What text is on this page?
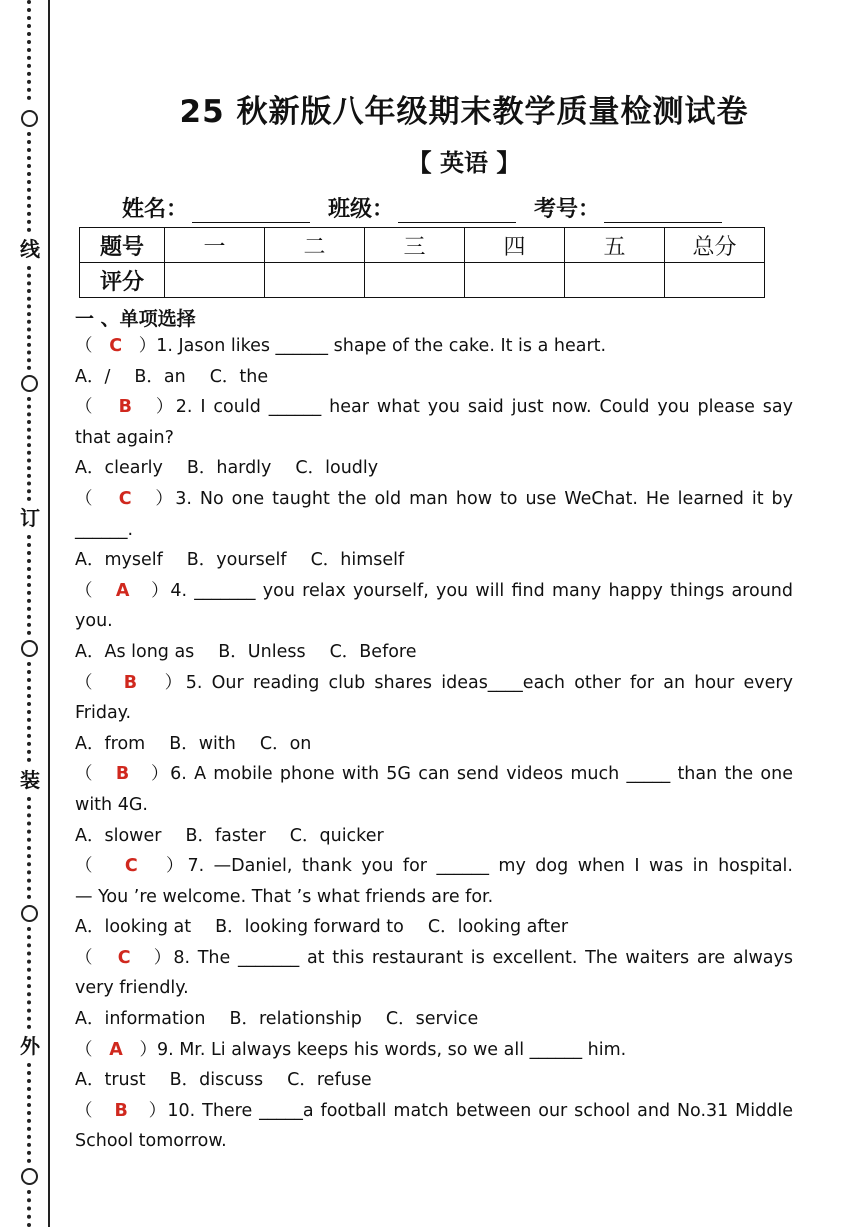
线
订
装
外
25 秋新版八年级期末教学质量检测试卷
【 英语 】
姓名：	班级：	考号：
题号	一	二	三	四	五	总分
评分						
一 、单项选择
（   C   ）1. Jason likes ______ shape of the cake. It is a heart.
A．/ B．an C．the
（   B   ）2. I could ______ hear what you said just now. Could you please say
that again?
A．clearly B．hardly C．loudly
（   C   ）3. No one taught the old man how to use WeChat. He learned it by
______.
A．myself B．yourself C．himself
（   A   ）4. _______ you relax yourself, you will find many happy things around
you.
A．As long as B．Unless C．Before
（   B   ）5. Our reading club shares ideas____each other for an hour every
Friday.
A．from B．with C．on
（   B   ）6. A mobile phone with 5G can send videos much _____ than the one
with 4G.
A．slower B．faster C．quicker
（   C   ）7. —Daniel, thank you for ______ my dog when I was in hospital.
— You ’re welcome. That ’s what friends are for.
A．looking at B．looking forward to C．looking after
（   C   ）8. The _______ at this restaurant is excellent. The waiters are always
very friendly.
A．information B．relationship C．service
（   A   ）9. Mr. Li always keeps his words, so we all ______ him.
A．trust B．discuss C．refuse
（   B   ）10. There _____a football match between our school and No.31 Middle
School tomorrow.
